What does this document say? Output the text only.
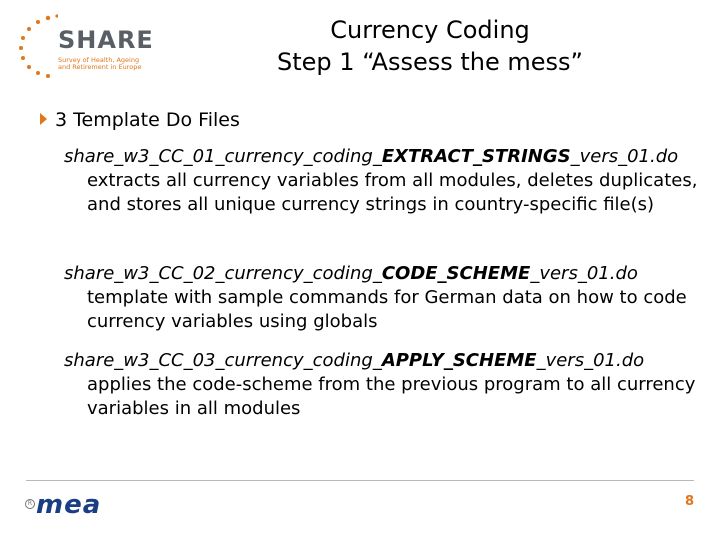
SHARE
Survey of Health, Ageing and Retirement in Europe
Currency Coding
Step 1 “Assess the mess”
3 Template Do Files
share_w3_CC_01_currency_coding_EXTRACT_STRINGS_vers_01.do
extracts all currency variables from all modules, deletes duplicates, and stores all unique currency strings in country-specific file(s)
share_w3_CC_02_currency_coding_CODE_SCHEME_vers_01.do
template with sample commands for German data on how to code currency variables using globals
share_w3_CC_03_currency_coding_APPLY_SCHEME_vers_01.do
applies the code-scheme from the previous program to all currency variables in all modules
R mea	8
